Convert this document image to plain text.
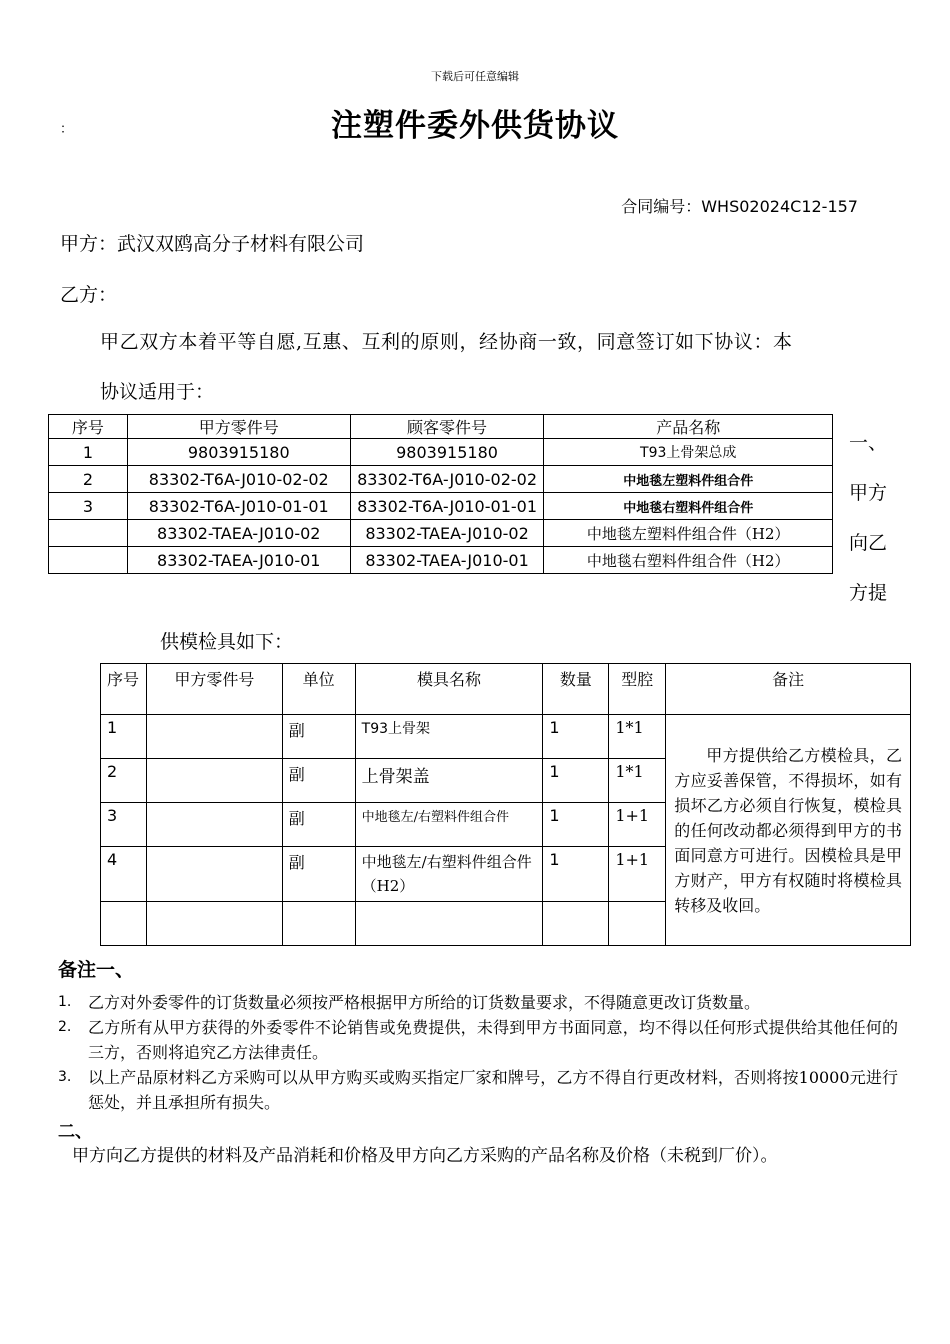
下载后可任意编辑
：	注塑件委外供货协议
合同编号：WHS02024C12-157
甲方：武汉双鸥高分子材料有限公司
乙方：
甲乙双方本着平等自愿,互惠、互利的原则，经协商一致，同意签订如下协议：本
协议适用于：
序号	甲方零件号	顾客零件号	产品名称
1	9803915180	9803915180	T93上骨架总成
2	83302-T6A-J010-02-02	83302-T6A-J010-02-02	中地毯左塑料件组合件
3	83302-T6A-J010-01-01	83302-T6A-J010-01-01	中地毯右塑料件组合件
	83302-TAEA-J010-02	83302-TAEA-J010-02	中地毯左塑料件组合件（H2）
	83302-TAEA-J010-01	83302-TAEA-J010-01	中地毯右塑料件组合件（H2）
一、
甲方
向乙
方提
供模检具如下：
序号	甲方零件号	单位	模具名称	数量	型腔	备注
1		副	T93上骨架	1	1*1	甲方提供给乙方模检具，乙方应妥善保管，不得损坏，如有损坏乙方必须自行恢复，模检具的任何改动都必须得到甲方的书面同意方可进行。因模检具是甲方财产，甲方有权随时将模检具转移及收回。
2		副	上骨架盖	1	1*1	
3		副	中地毯左/右塑料件组合件	1	1+1	
4		副	中地毯左/右塑料件组合件（H2）	1	1+1	

备注一、
1. 乙方对外委零件的订货数量必须按严格根据甲方所给的订货数量要求，不得随意更改订货数量。
2. 乙方所有从甲方获得的外委零件不论销售或免费提供，未得到甲方书面同意，均不得以任何形式提供给其他任何的三方，否则将追究乙方法律责任。
3. 以上产品原材料乙方采购可以从甲方购买或购买指定厂家和牌号，乙方不得自行更改材料，否则将按10000元进行惩处，并且承担所有损失。
二、
甲方向乙方提供的材料及产品消耗和价格及甲方向乙方采购的产品名称及价格（未税到厂价）。
